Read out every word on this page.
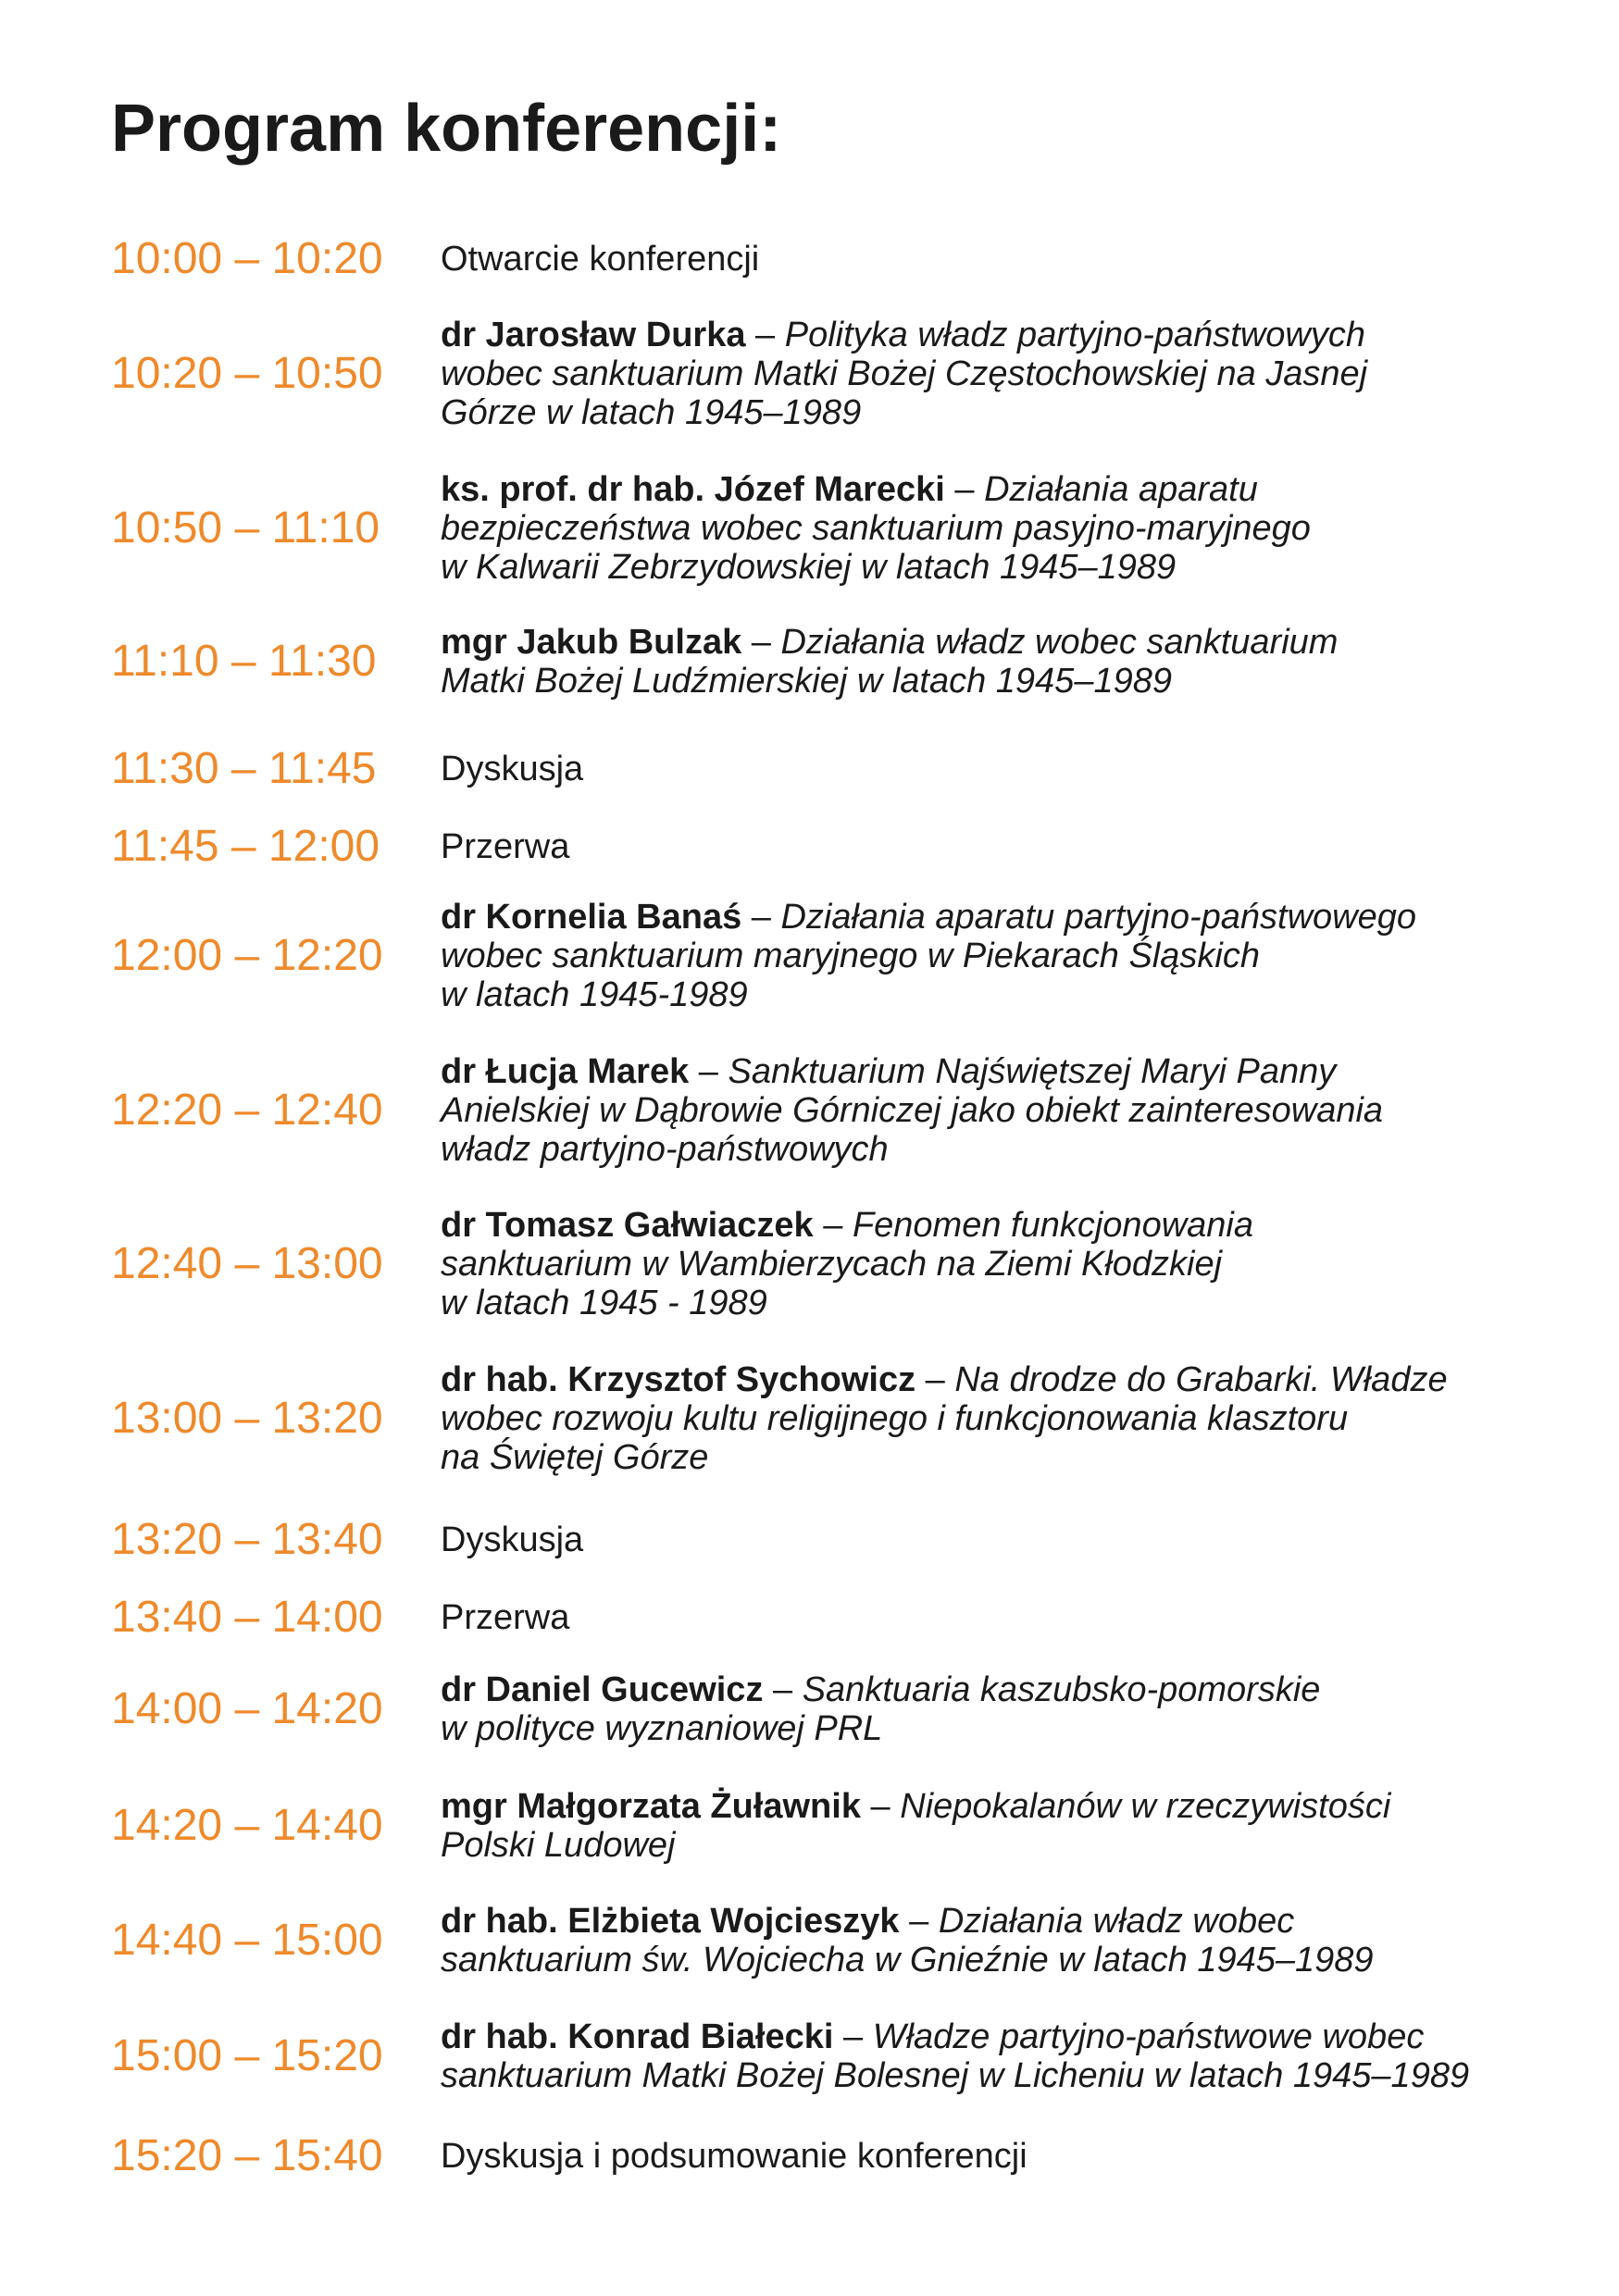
Program konferencji:
10:00 – 10:20 Otwarcie konferencji
10:20 – 10:50
dr Jarosław Durka – Polityka władz partyjno-państwowych
wobec sanktuarium Matki Bożej Częstochowskiej na Jasnej
Górze w latach 1945–1989
10:50 – 11:10
ks. prof. dr hab. Józef Marecki – Działania aparatu
bezpieczeństwa wobec sanktuarium pasyjno-maryjnego
w Kalwarii Zebrzydowskiej w latach 1945–1989
11:10 – 11:30 mgr Jakub Bulzak – Działania władz wobec sanktuarium
Matki Bożej Ludźmierskiej w latach 1945–1989
11:30 – 11:45 Dyskusja
11:45 – 12:00 Przerwa
12:00 – 12:20
dr Kornelia Banaś – Działania aparatu partyjno-państwowego
wobec sanktuarium maryjnego w Piekarach Śląskich
w latach 1945-1989
12:20 – 12:40
dr Łucja Marek – Sanktuarium Najświętszej Maryi Panny
Anielskiej w Dąbrowie Górniczej jako obiekt zainteresowania
władz partyjno-państwowych
12:40 – 13:00
dr Tomasz Gałwiaczek – Fenomen funkcjonowania
sanktuarium w Wambierzycach na Ziemi Kłodzkiej
w latach 1945 - 1989
13:00 – 13:20
dr hab. Krzysztof Sychowicz – Na drodze do Grabarki. Władze
wobec rozwoju kultu religijnego i funkcjonowania klasztoru
na Świętej Górze
13:20 – 13:40 Dyskusja
13:40 – 14:00 Przerwa
14:00 – 14:20 dr Daniel Gucewicz – Sanktuaria kaszubsko-pomorskie
w polityce wyznaniowej PRL
14:20 – 14:40 mgr Małgorzata Żuławnik – Niepokalanów w rzeczywistości
Polski Ludowej
14:40 – 15:00 dr hab. Elżbieta Wojcieszyk – Działania władz wobec
sanktuarium św. Wojciecha w Gnieźnie w latach 1945–1989
15:00 – 15:20 dr hab. Konrad Białecki – Władze partyjno-państwowe wobec
sanktuarium Matki Bożej Bolesnej w Licheniu w latach 1945–1989
15:20 – 15:40 Dyskusja i podsumowanie konferencji
